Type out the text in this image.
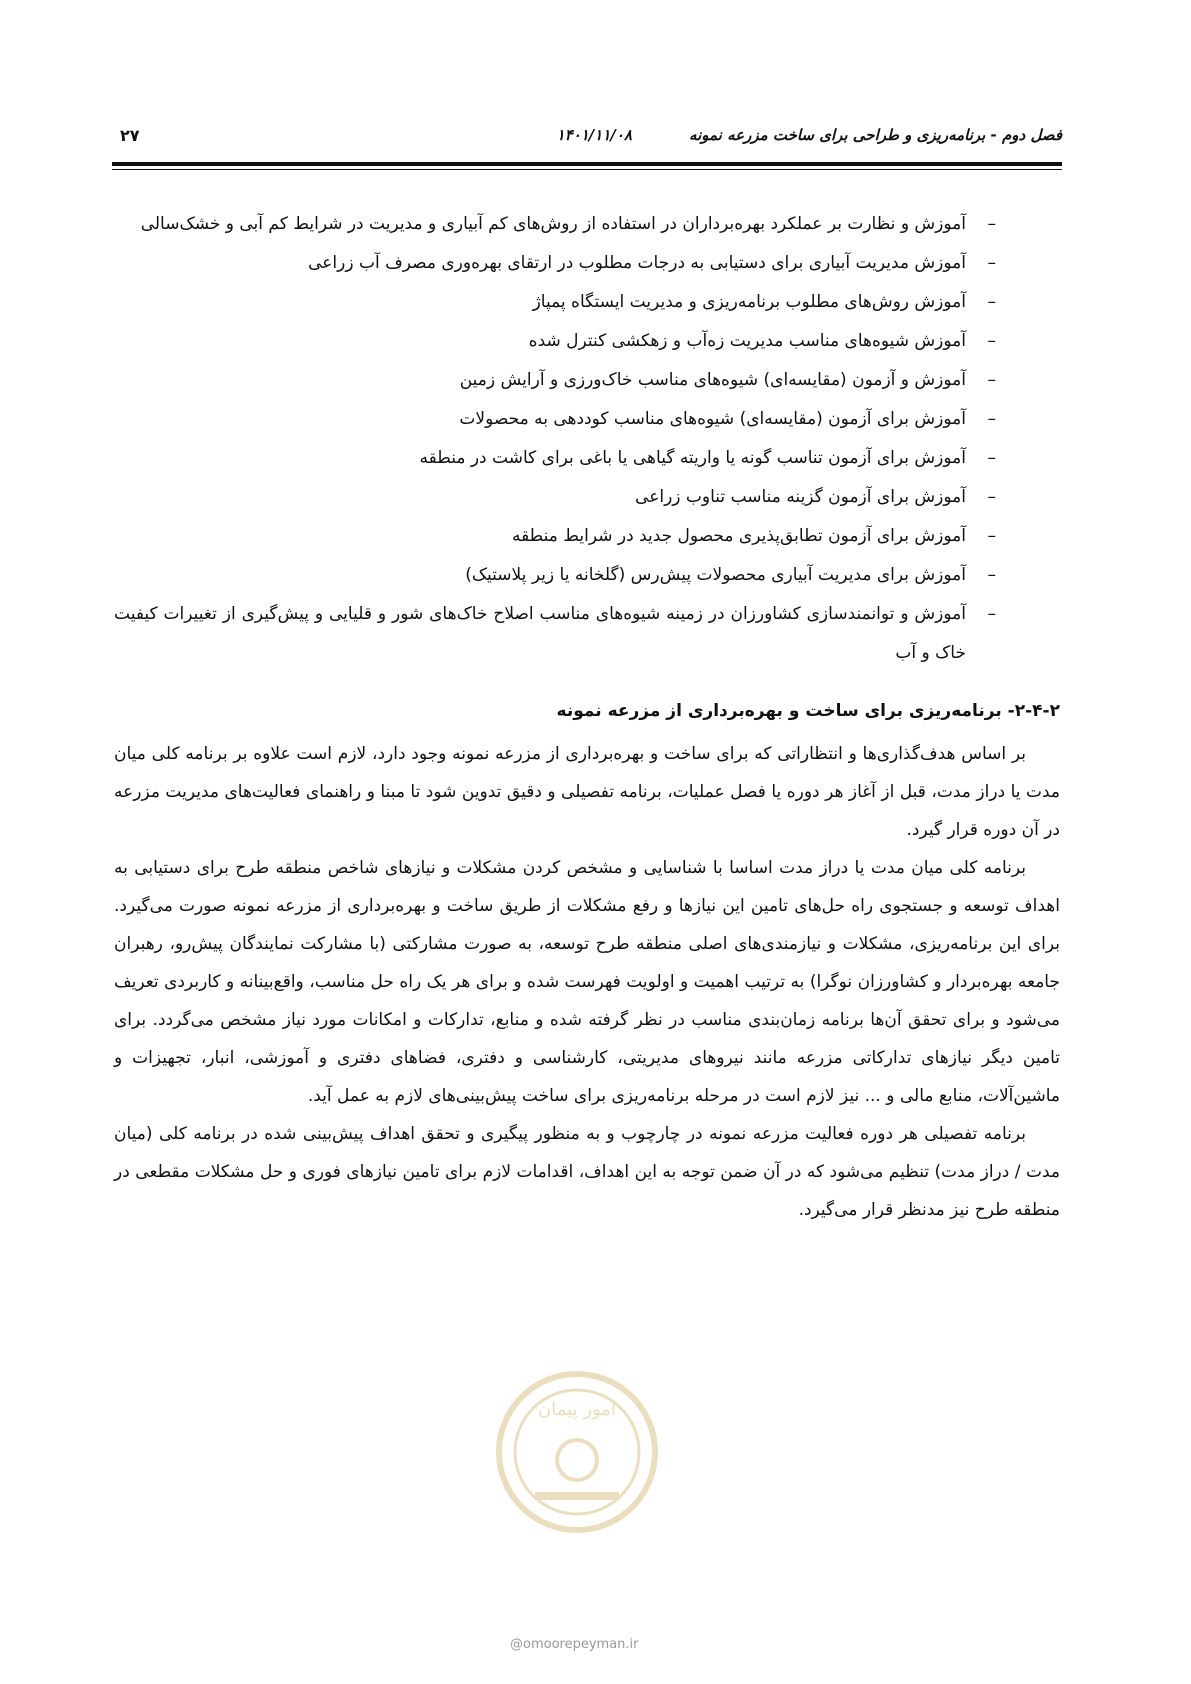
فصل دوم - برنامه‌ریزی و طراحی برای ساخت مزرعه نمونه
۱۴۰۱/۱۱/۰۸
۲۷
–
آموزش و نظارت بر عملکرد بهره‌برداران در استفاده از روش‌های کم آبیاری و مدیریت در شرایط کم آبی و خشک‌سالی
–
آموزش مدیریت آبیاری برای دستیابی به درجات مطلوب در ارتقای بهره‌وری مصرف آب زراعی
–
آموزش روش‌های مطلوب برنامه‌ریزی و مدیریت ایستگاه پمپاژ
–
آموزش شیوه‌های مناسب مدیریت زه‌آب و زهکشی کنترل شده
–
آموزش و آزمون (مقایسه‌ای) شیوه‌های مناسب خاک‌ورزی و آرایش زمین
–
آموزش برای آزمون (مقایسه‌ای) شیوه‌های مناسب کوددهی به محصولات
–
آموزش برای آزمون تناسب گونه یا واریته گیاهی یا باغی برای کاشت در منطقه
–
آموزش برای آزمون گزینه مناسب تناوب زراعی
–
آموزش برای آزمون تطابق‌پذیری محصول جدید در شرایط منطقه
–
آموزش برای مدیریت آبیاری محصولات پیش‌رس (گلخانه یا زیر پلاستیک)
–
آموزش و توانمندسازی کشاورزان در زمینه شیوه‌های مناسب اصلاح خاک‌های شور و قلیایی و پیش‌گیری از تغییرات کیفیت خاک و آب
۲-۴-۲- برنامه‌ریزی برای ساخت و بهره‌برداری از مزرعه نمونه

بر اساس هدف‌گذاری‌ها و انتظاراتی که برای ساخت و بهره‌برداری از مزرعه نمونه وجود دارد، لازم است علاوه بر برنامه کلی میان مدت یا دراز مدت، قبل از آغاز هر دوره یا فصل عملیات، برنامه تفصیلی و دقیق تدوین شود تا مبنا و راهنمای فعالیت‌های مدیریت مزرعه در آن دوره قرار گیرد.

برنامه کلی میان مدت یا دراز مدت اساسا با شناسایی و مشخص کردن مشکلات و نیازهای شاخص منطقه طرح برای دستیابی به اهداف توسعه و جستجوی راه حل‌های تامین این نیازها و رفع مشکلات از طریق ساخت و بهره‌برداری از مزرعه نمونه صورت می‌گیرد. برای این برنامه‌ریزی، مشکلات و نیازمندی‌های اصلی منطقه طرح توسعه، به صورت مشارکتی (با مشارکت نمایندگان پیش‌رو، رهبران جامعه بهره‌بردار و کشاورزان نوگرا) به ترتیب اهمیت و اولویت فهرست شده و برای هر یک راه حل مناسب، واقع‌بینانه و کاربردی تعریف می‌شود و برای تحقق آن‌ها برنامه زمان‌بندی مناسب در نظر گرفته شده و منابع، تدارکات و امکانات مورد نیاز مشخص می‌گردد. برای تامین دیگر نیازهای تدارکاتی مزرعه مانند نیروهای مدیریتی، کارشناسی و دفتری، فضاهای دفتری و آموزشی، انبار، تجهیزات و ماشین‌آلات، منابع مالی و ... نیز لازم است در مرحله برنامه‌ریزی برای ساخت پیش‌بینی‌های لازم به عمل آید.

برنامه تفصیلی هر دوره فعالیت مزرعه نمونه در چارچوب و به منظور پیگیری و تحقق اهداف پیش‌بینی شده در برنامه کلی (میان مدت / دراز مدت) تنظیم می‌شود که در آن ضمن توجه به این اهداف، اقدامات لازم برای تامین نیازهای فوری و حل مشکلات مقطعی در منطقه طرح نیز مدنظر قرار می‌گیرد.

امور پیمان
@omoorepeyman.ir
